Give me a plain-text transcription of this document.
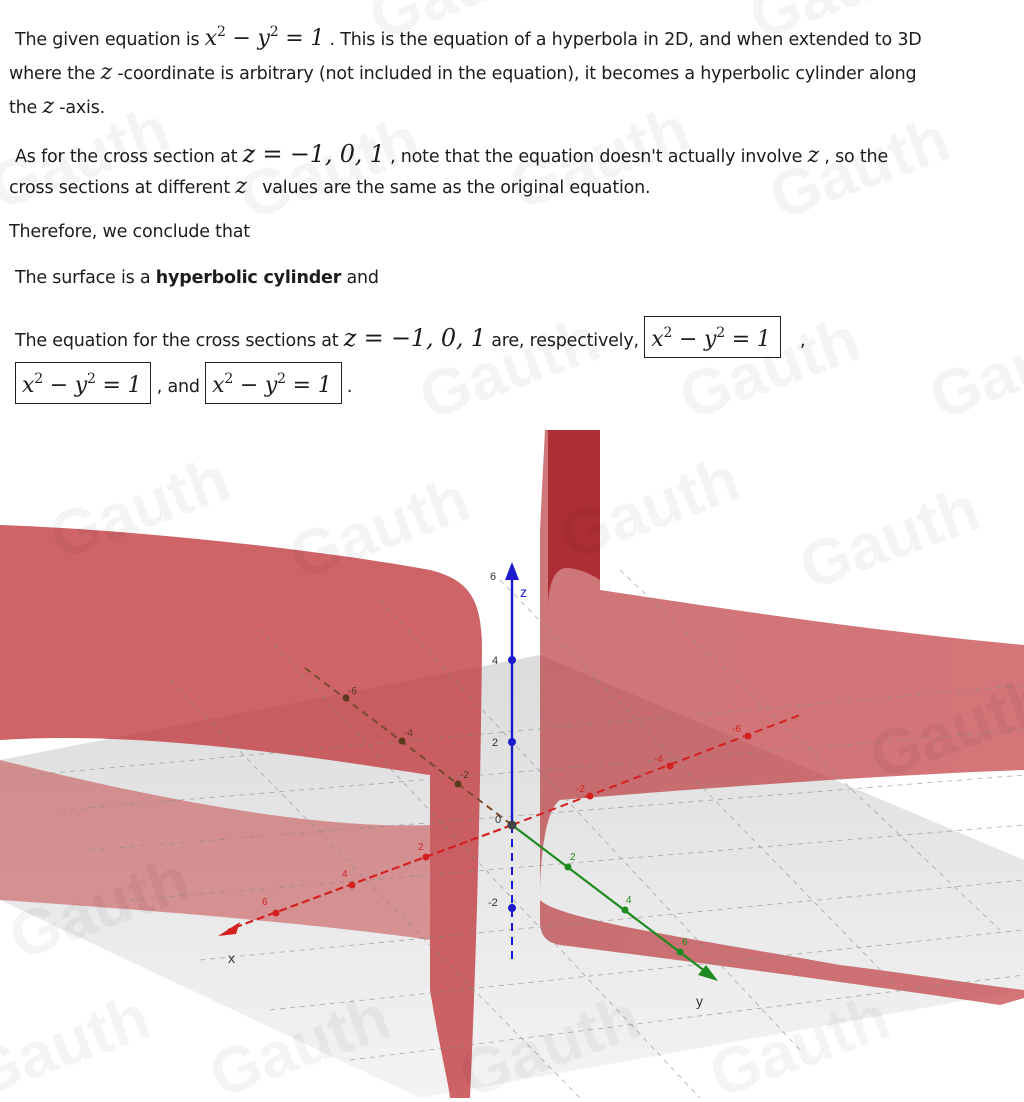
The given equation is $x^2 - y^2 = 1$ . This is the equation of a hyperbola in 2D, and when extended to 3D
where the z -coordinate is arbitrary (not included in the equation), it becomes a hyperbolic cylinder along
the z -axis.
As for the cross section at z = −1, 0, 1 , note that the equation doesn't actually involve z , so the
cross sections at different z values are the same as the original equation.
Therefore, we conclude that
The surface is a hyperbolic cylinder and
The equation for the cross sections at z = −1, 0, 1 are, respectively, $x^2 - y^2 = 1$ ,
$x^2 - y^2 = 1$ , and $x^2 - y^2 = 1$ .
z
x
y
6
4
2
0
-2
2
4
6
-2
-4
-6
2
4
6
-2
-4
-6
